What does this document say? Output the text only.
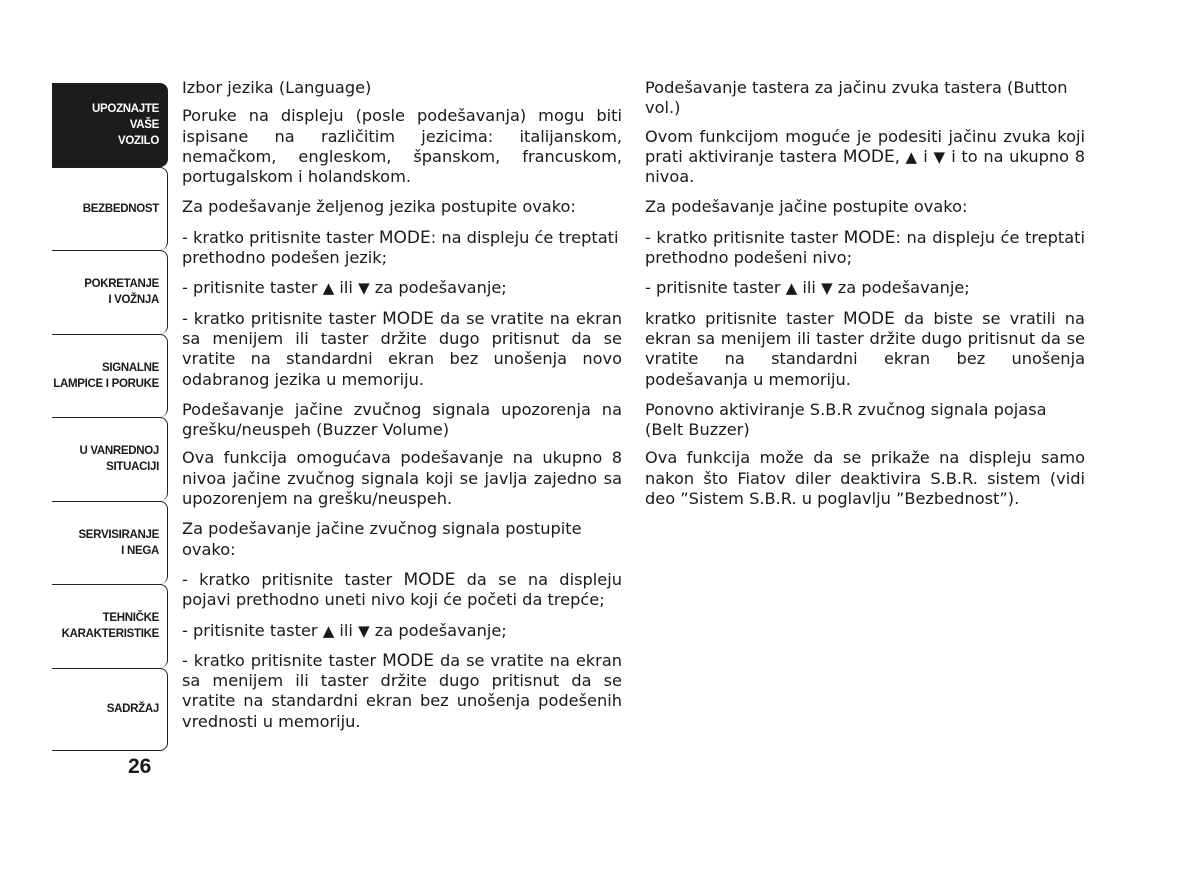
UPOZNAJTE
VAŠE
VOZILO
BEZBEDNOST
POKRETANJE
I VOŽNJA
SIGNALNE
LAMPICE I PORUKE
U VANREDNOJ
SITUACIJI
SERVISIRANJE
I NEGA
TEHNIČKE
KARAKTERISTIKE
SADRŽAJ
26
Izbor jezika (Language)

Poruke na displeju (posle podešavanja) mogu biti ispisane na različitim jezicima: italijanskom, nemačkom, engleskom, španskom, francuskom, portugalskom i holandskom.

Za podešavanje željenog jezika postupite ovako:

- kratko pritisnite taster MODE: na displeju će treptati prethodno podešen jezik;

- pritisnite taster ▲ ili ▼ za podešavanje;

- kratko pritisnite taster MODE da se vratite na ekran sa menijem ili taster držite dugo pritisnut da se vratite na standardni ekran bez unošenja novo odabranog jezika u memoriju.

Podešavanje jačine zvučnog signala upozorenja na grešku/neuspeh (Buzzer Volume)

Ova funkcija omogućava podešavanje na ukupno 8 nivoa jačine zvučnog signala koji se javlja zajedno sa upozorenjem na grešku/neuspeh.

Za podešavanje jačine zvučnog signala postupite ovako:

- kratko pritisnite taster MODE da se na displeju pojavi prethodno uneti nivo koji će početi da trepće;

- pritisnite taster ▲ ili ▼ za podešavanje;

- kratko pritisnite taster MODE da se vratite na ekran sa menijem ili taster držite dugo pritisnut da se vratite na standardni ekran bez unošenja podešenih vrednosti u memoriju.

Podešavanje tastera za jačinu zvuka tastera (Button vol.)

Ovom funkcijom moguće je podesiti jačinu zvuka koji prati aktiviranje tastera MODE, ▲ i ▼ i to na ukupno 8 nivoa.

Za podešavanje jačine postupite ovako:

- kratko pritisnite taster MODE: na displeju će treptati prethodno podešeni nivo;

- pritisnite taster ▲ ili ▼ za podešavanje;

kratko pritisnite taster MODE da biste se vratili na ekran sa menijem ili taster držite dugo pritisnut da se vratite na standardni ekran bez unošenja podešavanja u memoriju.

Ponovno aktiviranje S.B.R zvučnog signala pojasa (Belt Buzzer)

Ova funkcija može da se prikaže na displeju samo nakon što Fiatov diler deaktivira S.B.R. sistem (vidi deo ”Sistem S.B.R. u poglavlju ”Bezbednost”).
